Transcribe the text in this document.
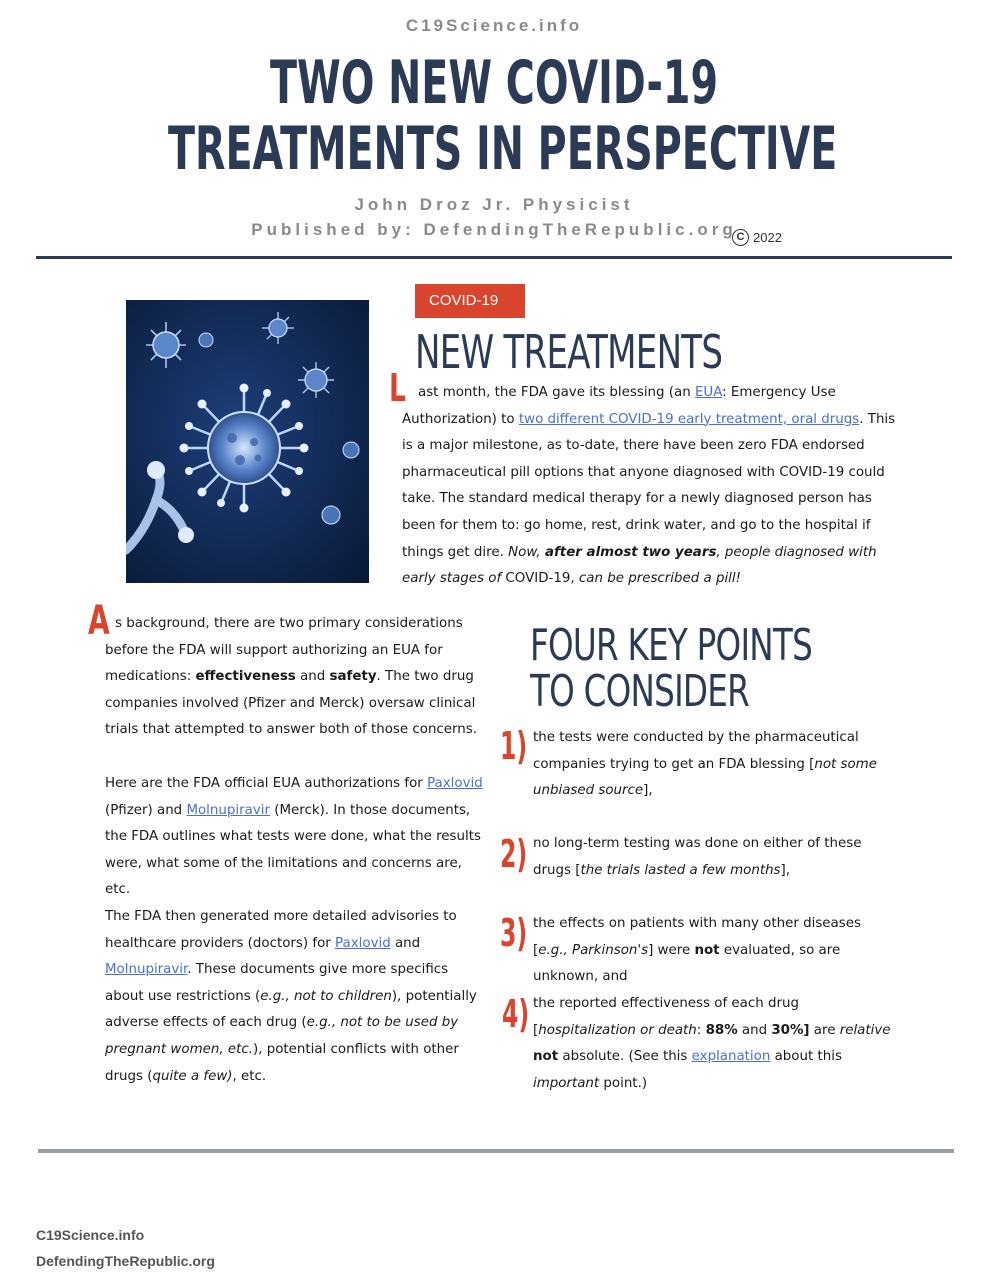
C19Science.info
TWO NEW COVID-19
TREATMENTS IN PERSPECTIVE
John Droz Jr. Physicist
Published by: DefendingTheRepublic.org C 2022
COVID-19
NEW TREATMENTS
L ast month, the FDA gave its blessing (an EUA: Emergency Use Authorization) to two different COVID-19 early treatment, oral drugs. This is a major milestone, as to-date, there have been zero FDA endorsed pharmaceutical pill options that anyone diagnosed with COVID-19 could take. The standard medical therapy for a newly diagnosed person has been for them to: go home, rest, drink water, and go to the hospital if things get dire. Now, after almost two years, people diagnosed with early stages of COVID-19, can be prescribed a pill!
A s background, there are two primary considerations before the FDA will support authorizing an EUA for medications: effectiveness and safety. The two drug companies involved (Pfizer and Merck) oversaw clinical trials that attempted to answer both of those concerns.
Here are the FDA official EUA authorizations for Paxlovid (Pfizer) and Molnupiravir (Merck). In those documents, the FDA outlines what tests were done, what the results were, what some of the limitations and concerns are, etc.
The FDA then generated more detailed advisories to healthcare providers (doctors) for Paxlovid and Molnupiravir. These documents give more specifics about use restrictions (e.g., not to children), potentially adverse effects of each drug (e.g., not to be used by pregnant women, etc.), potential conflicts with other drugs (quite a few), etc.
FOUR KEY POINTS
TO CONSIDER
1) the tests were conducted by the pharmaceutical companies trying to get an FDA blessing [not some unbiased source],
2) no long-term testing was done on either of these drugs [the trials lasted a few months],
3) the effects on patients with many other diseases [e.g., Parkinson's] were not evaluated, so are unknown, and
4) the reported effectiveness of each drug [hospitalization or death: 88% and 30%] are relative not absolute. (See this explanation about this important point.)
C19Science.info
DefendingTheRepublic.org
